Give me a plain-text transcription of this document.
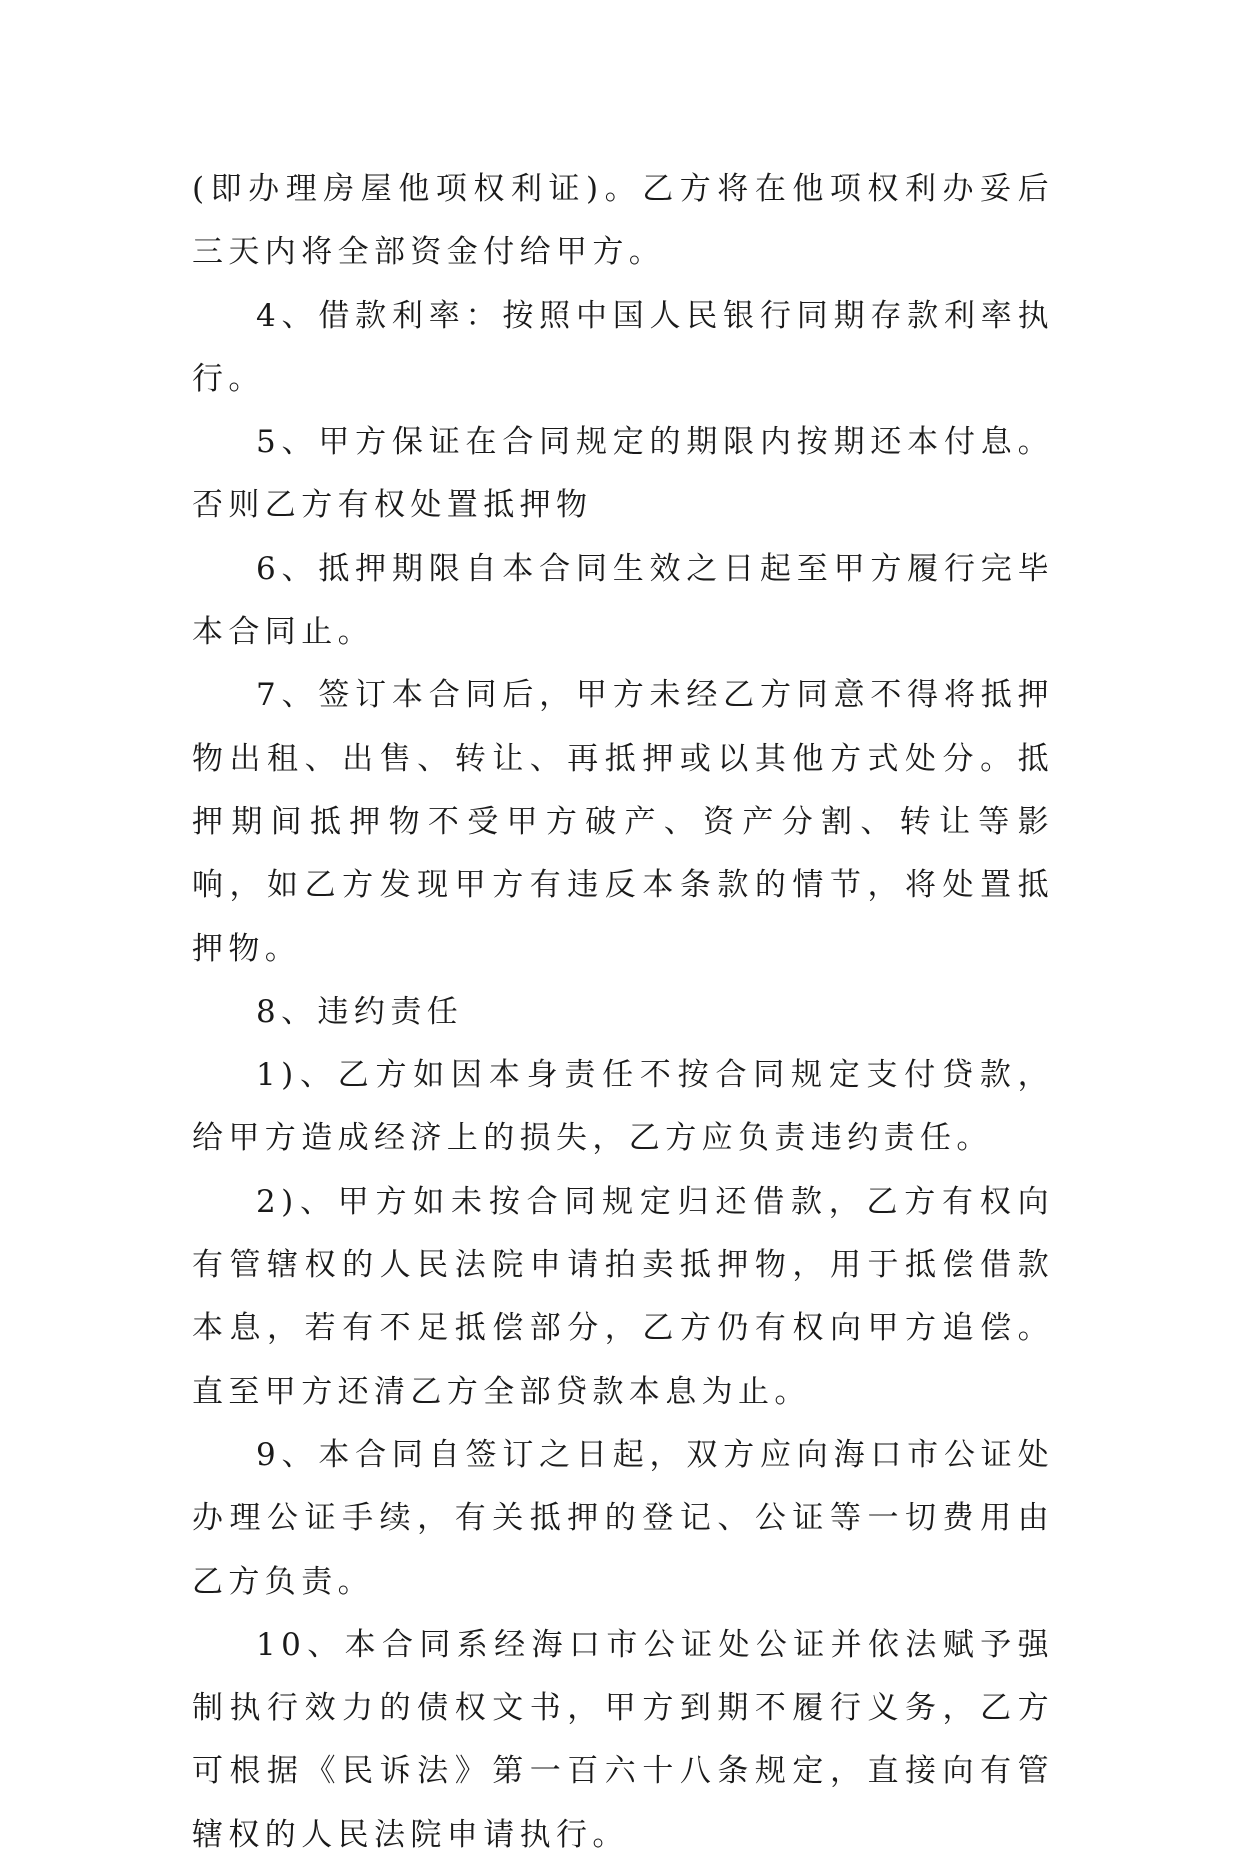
(即办理房屋他项权利证)。乙方将在他项权利办妥后三天内将全部资金付给甲方。

4、借款利率：按照中国人民银行同期存款利率执行。

5、甲方保证在合同规定的期限内按期还本付息。否则乙方有权处置抵押物

6、抵押期限自本合同生效之日起至甲方履行完毕本合同止。

7、签订本合同后，甲方未经乙方同意不得将抵押物出租、出售、转让、再抵押或以其他方式处分。抵押期间抵押物不受甲方破产、资产分割、转让等影响，如乙方发现甲方有违反本条款的情节，将处置抵押物。

8、违约责任

1)、乙方如因本身责任不按合同规定支付贷款，给甲方造成经济上的损失，乙方应负责违约责任。

2)、甲方如未按合同规定归还借款，乙方有权向有管辖权的人民法院申请拍卖抵押物，用于抵偿借款本息，若有不足抵偿部分，乙方仍有权向甲方追偿。直至甲方还清乙方全部贷款本息为止。

9、本合同自签订之日起，双方应向海口市公证处办理公证手续，有关抵押的登记、公证等一切费用由乙方负责。

10、本合同系经海口市公证处公证并依法赋予强制执行效力的债权文书，甲方到期不履行义务，乙方可根据《民诉法》第一百六十八条规定，直接向有管辖权的人民法院申请执行。
